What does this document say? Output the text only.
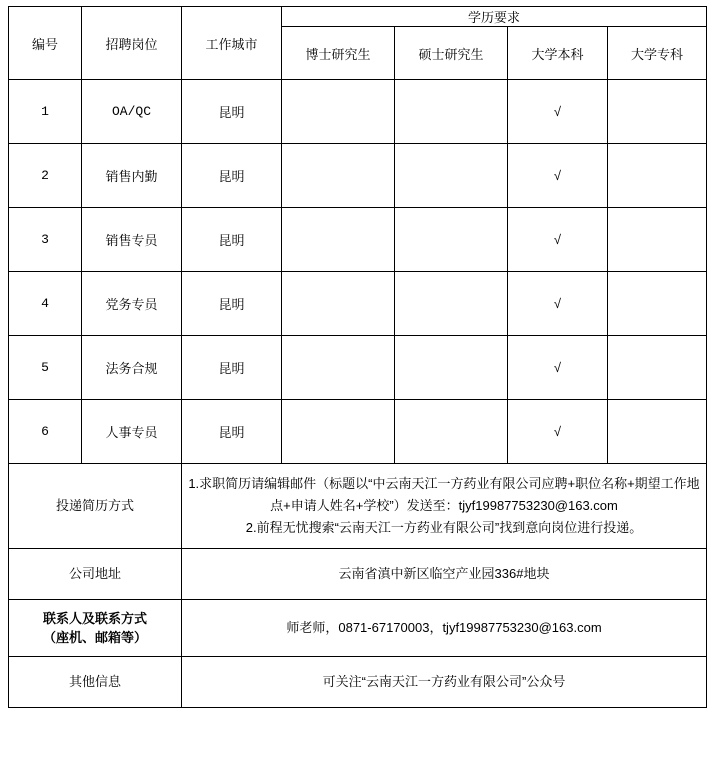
编号	招聘岗位	工作城市	学历要求			
			博士研究生	硕士研究生	大学本科	大学专科
1	OA/QC	昆明			√	
2	销售内勤	昆明			√	
3	销售专员	昆明			√	
4	党务专员	昆明			√	
5	法务合规	昆明			√	
6	人事专员	昆明			√	
投递简历方式		1.求职简历请编辑邮件（标题以“中云南天江一方药业有限公司应聘+职位名称+期望工作地点+申请人姓名+学校”）发送至：tjyf19987753230@163.com
2.前程无忧搜索“云南天江一方药业有限公司”找到意向岗位进行投递。				

公司地址		云南省滇中新区临空产业园336#地块				

联系人及联系方式
（座机、邮箱等）		师老师，0871-67170003，tjyf19987753230@163.com				
其他信息		可关注“云南天江一方药业有限公司”公众号				
